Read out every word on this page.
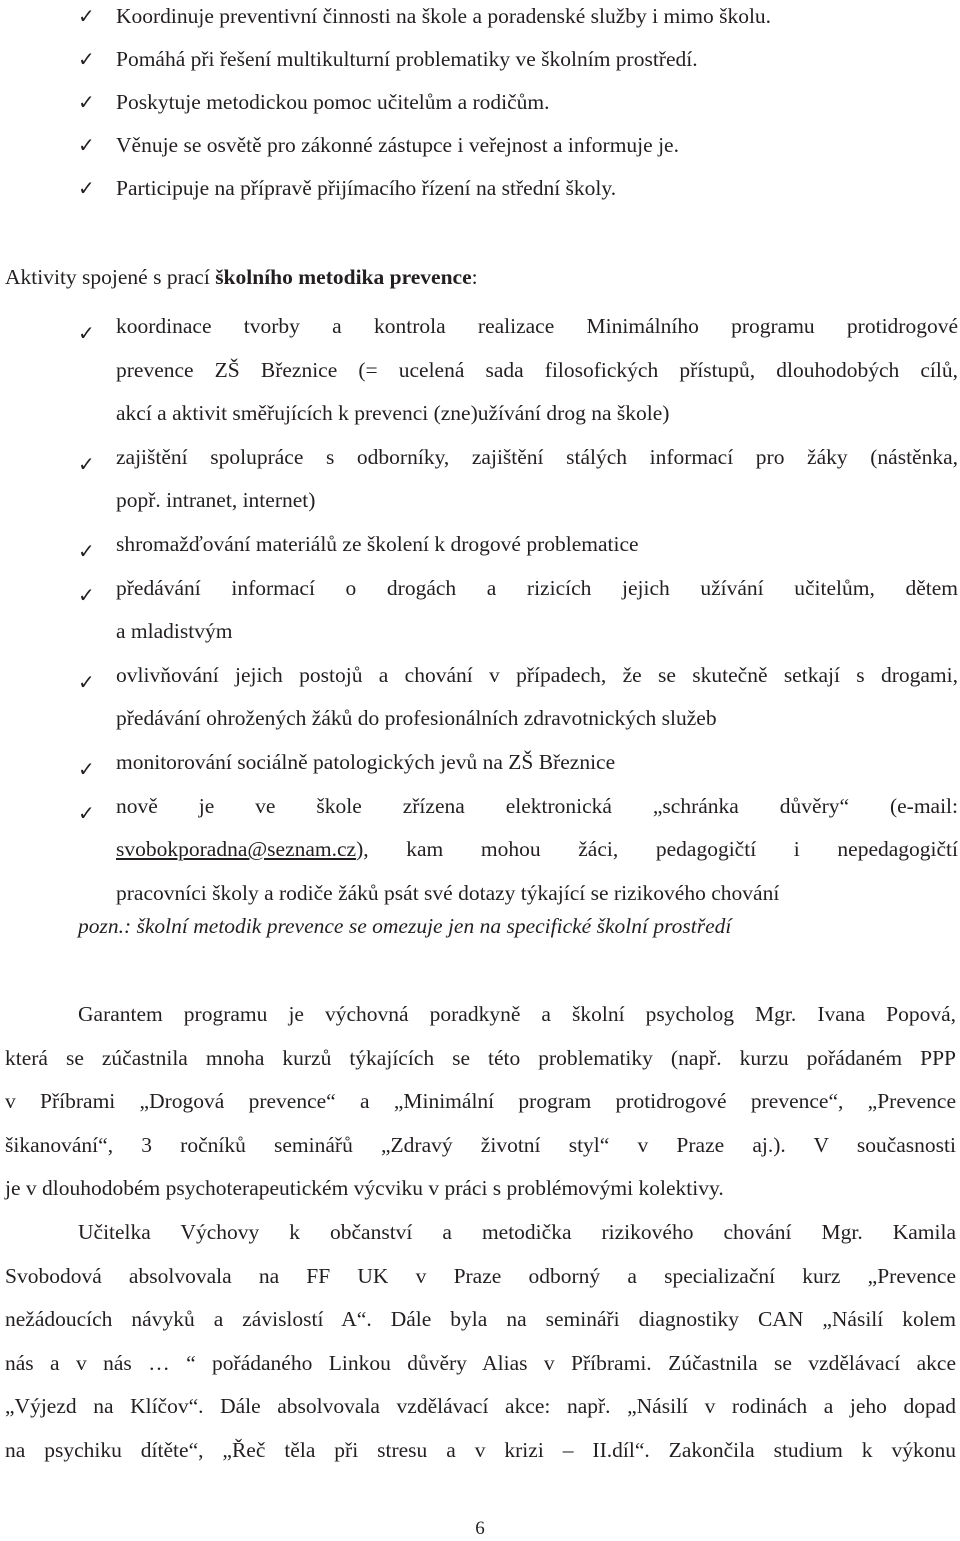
✓ Koordinuje preventivní činnosti na škole a poradenské služby i mimo školu.
✓ Pomáhá při řešení multikulturní problematiky ve školním prostředí.
✓ Poskytuje metodickou pomoc učitelům a rodičům.
✓ Věnuje se osvětě pro zákonné zástupce i veřejnost a informuje je.
✓ Participuje na přípravě přijímacího řízení na střední školy.
Aktivity spojené s prací školního metodika prevence:
✓ koordinace tvorby a kontrola realizace Minimálního programu protidrogové
prevence ZŠ Březnice (= ucelená sada filosofických přístupů, dlouhodobých cílů,
akcí a aktivit směřujících k prevenci (zne)užívání drog na škole)
✓ zajištění spolupráce s odborníky, zajištění stálých informací pro žáky (nástěnka,
popř. intranet, internet)
✓ shromažďování materiálů ze školení k drogové problematice
✓ předávání informací o drogách a rizicích jejich užívání učitelům, dětem
a mladistvým
✓ ovlivňování jejich postojů a chování v případech, že se skutečně setkají s drogami,
předávání ohrožených žáků do profesionálních zdravotnických služeb
✓ monitorování sociálně patologických jevů na ZŠ Březnice
✓ nově je ve škole zřízena elektronická „schránka důvěry“ (e-mail:
svobokporadna@seznam.cz), kam mohou žáci, pedagogičtí i nepedagogičtí
pracovníci školy a rodiče žáků psát své dotazy týkající se rizikového chování
pozn.: školní metodik prevence se omezuje jen na specifické školní prostředí
Garantem programu je výchovná poradkyně a školní psycholog Mgr. Ivana Popová,
která se zúčastnila mnoha kurzů týkajících se této problematiky (např. kurzu pořádaném PPP
v Příbrami „Drogová prevence“ a „Minimální program protidrogové prevence“, „Prevence
šikanování“, 3 ročníků seminářů „Zdravý životní styl“ v Praze aj.). V současnosti
je v dlouhodobém psychoterapeutickém výcviku v práci s problémovými kolektivy.
Učitelka Výchovy k občanství a metodička rizikového chování Mgr. Kamila
Svobodová absolvovala na FF UK v Praze odborný a specializační kurz „Prevence
nežádoucích návyků a závislostí A“. Dále byla na semináři diagnostiky CAN „Násilí kolem
nás a v nás … “ pořádaného Linkou důvěry Alias v Příbrami. Zúčastnila se vzdělávací akce
„Výjezd na Klíčov“. Dále absolvovala vzdělávací akce: např. „Násilí v rodinách a jeho dopad
na psychiku dítěte“, „Řeč těla při stresu a v krizi – II.díl“. Zakončila studium k výkonu
6
